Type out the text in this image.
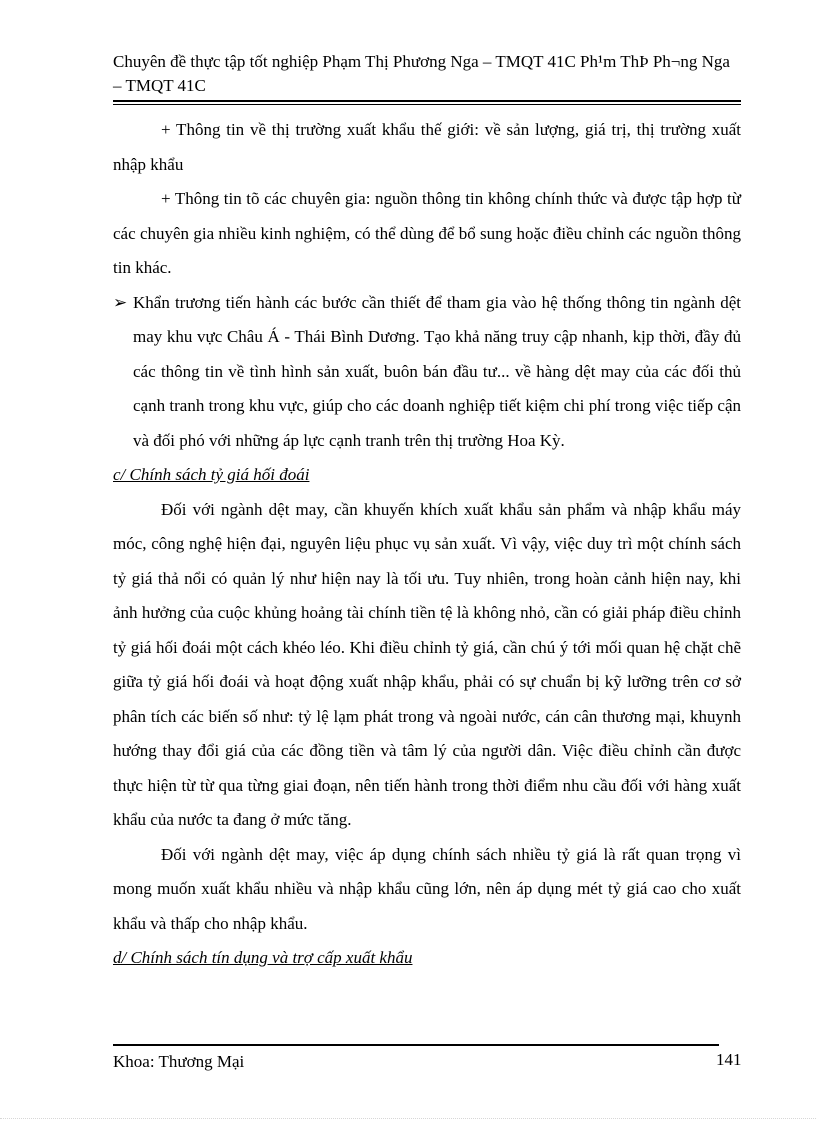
Chuyên đề thực tập tốt nghiệp Phạm Thị Phương Nga – TMQT 41C Ph¹m ThÞ Ph¬ng Nga – TMQT 41C

+ Thông tin về thị trường xuất khẩu thế giới: về sản lượng, giá trị, thị trường xuất nhập khẩu

+ Thông tin tõ các chuyên gia: nguồn thông tin không chính thức và được tập hợp từ các chuyên gia nhiều kinh nghiệm, có thể dùng để bổ sung hoặc điều chỉnh các nguồn thông tin khác.

➢ Khẩn trương tiến hành các bước cần thiết để tham gia vào hệ thống thông tin ngành dệt may khu vực Châu Á - Thái Bình Dương. Tạo khả năng truy cập nhanh, kịp thời, đầy đủ các thông tin về tình hình sản xuất, buôn bán đầu tư... về hàng dệt may của các đối thủ cạnh tranh trong khu vực, giúp cho các doanh nghiệp tiết kiệm chi phí trong việc tiếp cận và đối phó với những áp lực cạnh tranh trên thị trường Hoa Kỳ.

c/ Chính sách tỷ giá hối đoái

Đối với ngành dệt may, cần khuyến khích xuất khẩu sản phẩm và nhập khẩu máy móc, công nghệ hiện đại, nguyên liệu phục vụ sản xuất. Vì vậy, việc duy trì một chính sách tỷ giá thả nổi có quản lý như hiện nay là tối ưu. Tuy nhiên, trong hoàn cảnh hiện nay, khi ảnh hưởng của cuộc khủng hoảng tài chính tiền tệ là không nhỏ, cần có giải pháp điều chỉnh tỷ giá hối đoái một cách khéo léo. Khi điều chỉnh tỷ giá, cần chú ý tới mối quan hệ chặt chẽ giữa tỷ giá hối đoái và hoạt động xuất nhập khẩu, phải có sự chuẩn bị kỹ lưỡng trên cơ sở phân tích các biến số như: tỷ lệ lạm phát trong và ngoài nước, cán cân thương mại, khuynh hướng thay đổi giá của các đồng tiền và tâm lý của người dân. Việc điều chỉnh cần được thực hiện từ từ qua từng giai đoạn, nên tiến hành trong thời điểm nhu cầu đối với hàng xuất khẩu của nước ta đang ở mức tăng.

Đối với ngành dệt may, việc áp dụng chính sách nhiều tỷ giá là rất quan trọng vì mong muốn xuất khẩu nhiều và nhập khẩu cũng lớn, nên áp dụng mét tỷ giá cao cho xuất khẩu và thấp cho nhập khẩu.

d/ Chính sách tín dụng và trợ cấp xuất khẩu

Khoa: Thương Mại	141
